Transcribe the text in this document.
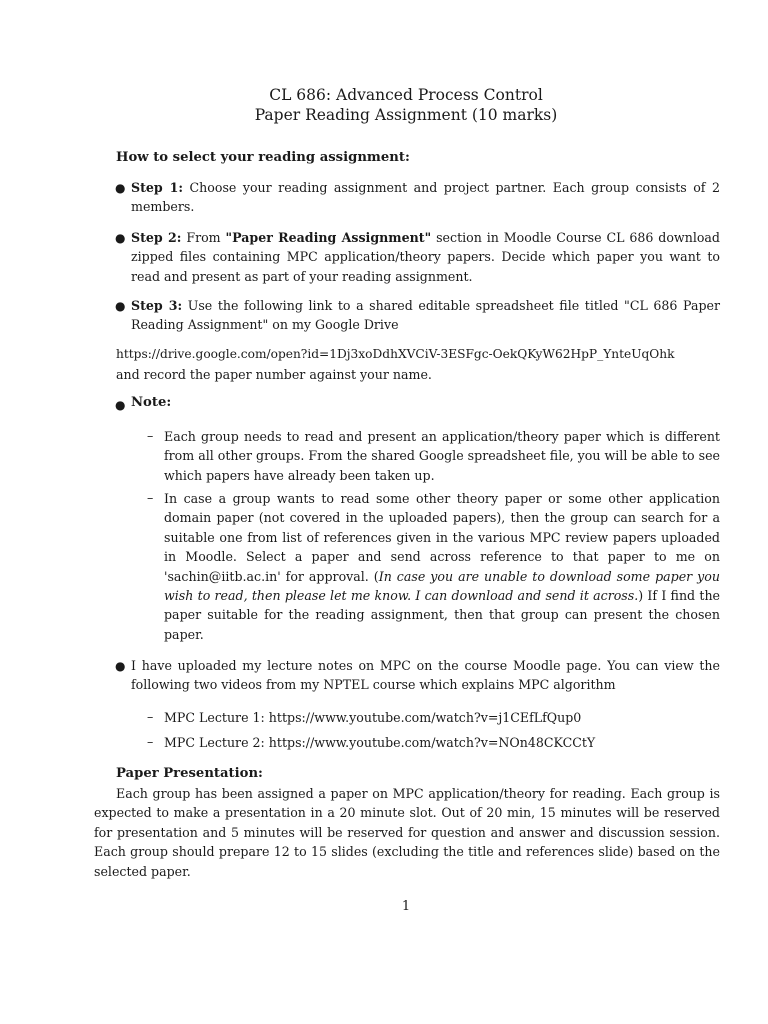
CL 686: Advanced Process Control
Paper Reading Assignment (10 marks)
How to select your reading assignment:
● Step 1: Choose your reading assignment and project partner. Each group consists of 2 members.
● Step 2: From "Paper Reading Assignment" section in Moodle Course CL 686 download zipped files containing MPC application/theory papers. Decide which paper you want to read and present as part of your reading assignment.
● Step 3: Use the following link to a shared editable spreadsheet file titled "CL 686 Paper Reading Assignment" on my Google Drive
https://drive.google.com/open?id=1Dj3xoDdhXVCiV-3ESFgc-OekQKyW62HpP_YnteUqOhk
and record the paper number against your name.
● Note:
– Each group needs to read and present an application/theory paper which is different from all other groups. From the shared Google spreadsheet file, you will be able to see which papers have already been taken up.
– In case a group wants to read some other theory paper or some other application domain paper (not covered in the uploaded papers), then the group can search for a suitable one from list of references given in the various MPC review papers uploaded in Moodle. Select a paper and send across reference to that paper to me on 'sachin@iitb.ac.in' for approval. (In case you are unable to download some paper you wish to read, then please let me know. I can download and send it across.) If I find the paper suitable for the reading assignment, then that group can present the chosen paper.
● I have uploaded my lecture notes on MPC on the course Moodle page. You can view the following two videos from my NPTEL course which explains MPC algorithm
– MPC Lecture 1: https://www.youtube.com/watch?v=j1CEfLfQup0
– MPC Lecture 2: https://www.youtube.com/watch?v=NOn48CKCCtY
Paper Presentation:
Each group has been assigned a paper on MPC application/theory for reading. Each group is expected to make a presentation in a 20 minute slot. Out of 20 min, 15 minutes will be reserved for presentation and 5 minutes will be reserved for question and answer and discussion session. Each group should prepare 12 to 15 slides (excluding the title and references slide) based on the selected paper.
1
